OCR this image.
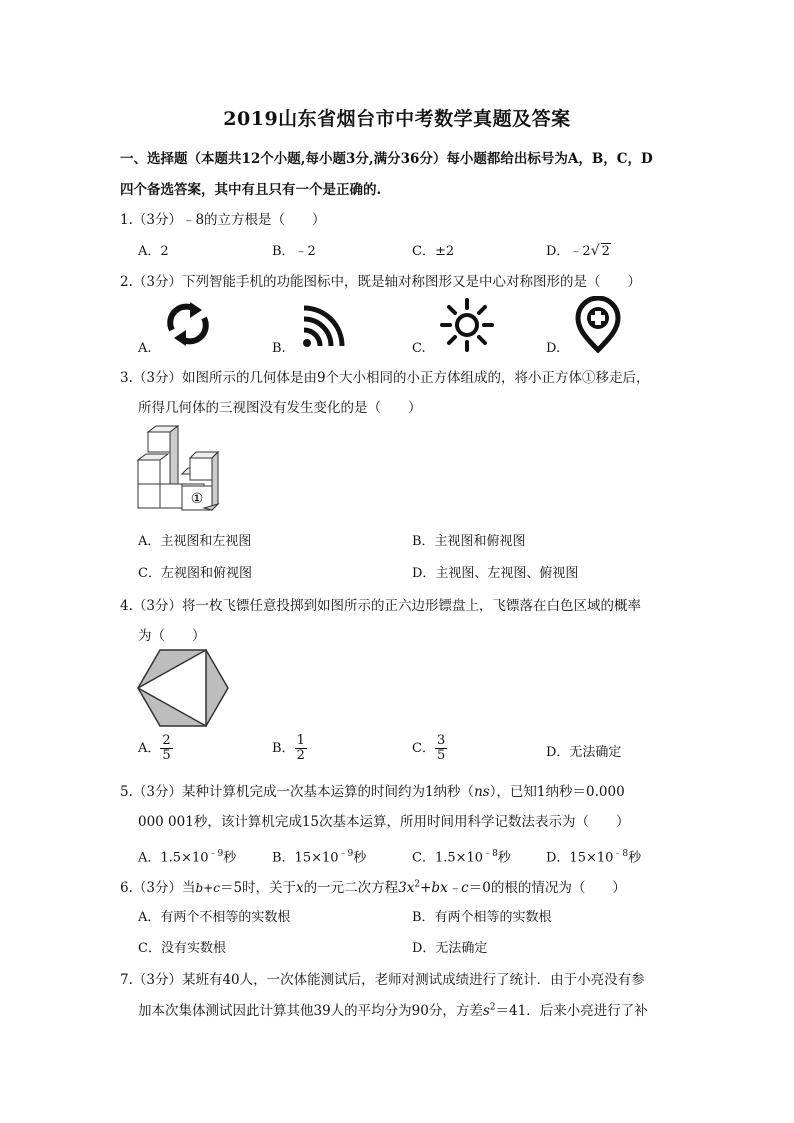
2019山东省烟台市中考数学真题及答案
一、选择题（本题共12个小题,每小题3分,满分36分）每小题都给出标号为A，B，C，D
四个备选答案，其中有且只有一个是正确的.
1.（3分）﹣8的立方根是（　　）
A．2	B．﹣2	C．±2	D．﹣2√ 2
2.（3分）下列智能手机的功能图标中，既是轴对称图形又是中心对称图形的是（　　）
A.	B.	C.	D.
3.（3分）如图所示的几何体是由9个大小相同的小正方体组成的，将小正方体①移走后，
所得几何体的三视图没有发生变化的是（　　）
①
A．主视图和左视图	B．主视图和俯视图
C．左视图和俯视图	D．主视图、左视图、俯视图
4.（3分）将一枚飞镖任意投掷到如图所示的正六边形镖盘上，飞镖落在白色区域的概率
为（　　）
A． $\frac{2}{5}$	B． $\frac{1}{2}$	C． $\frac{3}{5}$	D．无法确定
5.（3分）某种计算机完成一次基本运算的时间约为1纳秒（ns），已知1纳秒＝0.000
000 001秒，该计算机完成15次基本运算，所用时间用科学记数法表示为（　　）
A．$1.5\times 10^{﹣9}$秒	B．$15\times 10^{﹣9}$秒	C．$1.5\times 10^{﹣8}$秒	D．$15\times 10^{﹣8}$秒
6.（3分）当b+c＝5时，关于x的一元二次方程$3x^2+bx﹣c=0$的根的情况为（　　）
A．有两个不相等的实数根	B．有两个相等的实数根
C．没有实数根	D．无法确定
7.（3分）某班有40人，一次体能测试后，老师对测试成绩进行了统计．由于小亮没有参
加本次集体测试因此计算其他39人的平均分为90分，方差$s^2=41$．后来小亮进行了补
